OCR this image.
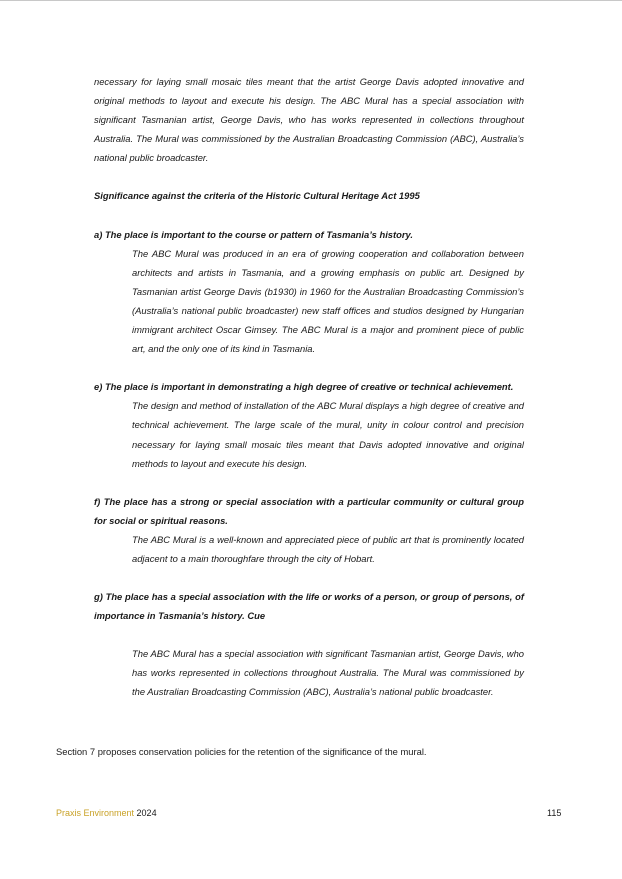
necessary for laying small mosaic tiles meant that the artist George Davis adopted innovative and original methods to layout and execute his design. The ABC Mural has a special association with significant Tasmanian artist, George Davis, who has works represented in collections throughout Australia. The Mural was commissioned by the Australian Broadcasting Commission (ABC), Australia’s national public broadcaster.

Significance against the criteria of the Historic Cultural Heritage Act 1995

a) The place is important to the course or pattern of Tasmania’s history.

The ABC Mural was produced in an era of growing cooperation and collaboration between architects and artists in Tasmania, and a growing emphasis on public art. Designed by Tasmanian artist George Davis (b1930) in 1960 for the Australian Broadcasting Commission’s (Australia’s national public broadcaster) new staff offices and studios designed by Hungarian immigrant architect Oscar Gimsey. The ABC Mural is a major and prominent piece of public art, and the only one of its kind in Tasmania.

e) The place is important in demonstrating a high degree of creative or technical achievement.

The design and method of installation of the ABC Mural displays a high degree of creative and technical achievement. The large scale of the mural, unity in colour control and precision necessary for laying small mosaic tiles meant that Davis adopted innovative and original methods to layout and execute his design.

f) The place has a strong or special association with a particular community or cultural group for social or spiritual reasons.

The ABC Mural is a well-known and appreciated piece of public art that is prominently located adjacent to a main thoroughfare through the city of Hobart.

g) The place has a special association with the life or works of a person, or group of persons, of importance in Tasmania’s history. Cue

The ABC Mural has a special association with significant Tasmanian artist, George Davis, who has works represented in collections throughout Australia. The Mural was commissioned by the Australian Broadcasting Commission (ABC), Australia’s national public broadcaster.

Section 7 proposes conservation policies for the retention of the significance of the mural.

Praxis Environment 2024	115
